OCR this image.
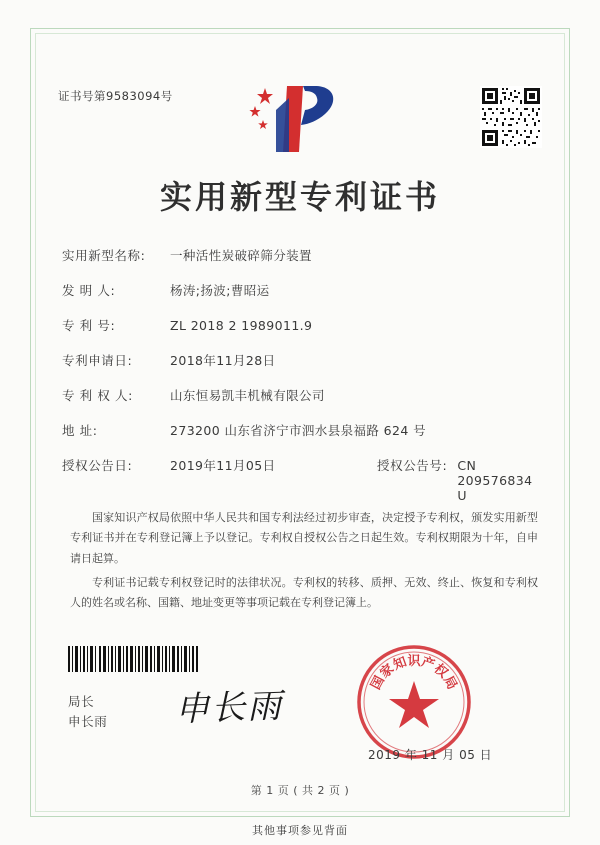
证书号第9583094号
实用新型专利证书
实用新型名称:	一种活性炭破碎筛分装置
发 明 人:	杨涛;扬波;曹昭运
专 利 号:	ZL 2018 2 1989011.9
专利申请日:	2018年11月28日
专 利 权 人:	山东恒易凯丰机械有限公司
地 址:	273200 山东省济宁市泗水县泉福路 624 号
授权公告日:	2019年11月05日	授权公告号: CN 209576834 U

国家知识产权局依照中华人民共和国专利法经过初步审查，决定授予专利权，颁发实用新型专利证书并在专利登记簿上予以登记。专利权自授权公告之日起生效。专利权期限为十年，自申请日起算。

专利证书记载专利权登记时的法律状况。专利权的转移、质押、无效、终止、恢复和专利权人的姓名或名称、国籍、地址变更等事项记载在专利登记簿上。

局长
申长雨 申长雨
国
家
知
识
产
权
局
2019 年 11 月 05 日
第 1 页 ( 共 2 页 )
其他事项参见背面
